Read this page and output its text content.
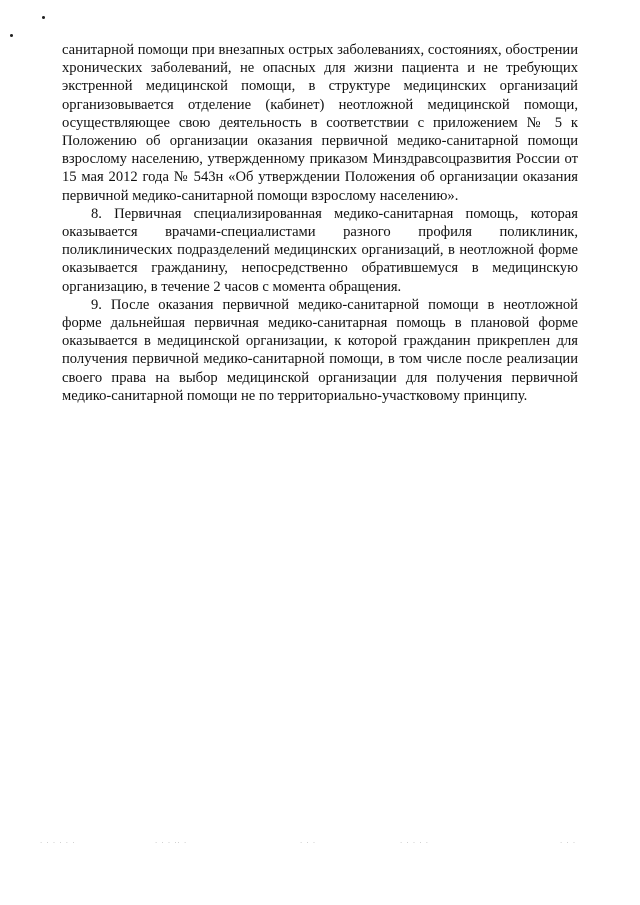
санитарной помощи при внезапных острых заболеваниях, состояниях, обострении хронических заболеваний, не опасных для жизни пациента и не требующих экстренной медицинской помощи, в структуре медицинских организаций организовывается отделение (кабинет) неотложной медицинской помощи, осуществляющее свою деятельность в соответствии с приложением № 5 к Положению об организации оказания первичной медико-санитарной помощи взрослому населению, утвержденному приказом Минздравсоцразвития России от 15 мая 2012 года № 543н «Об утверждении Положения об организации оказания первичной медико-санитарной помощи взрослому населению».

8. Первичная специализированная медико-санитарная помощь, которая оказывается врачами-специалистами разного профиля поликлиник, поликлинических подразделений медицинских организаций, в неотложной форме оказывается гражданину, непосредственно обратившемуся в медицинскую организацию, в течение 2 часов с момента обращения.

9. После оказания первичной медико-санитарной помощи в неотложной форме дальнейшая первичная медико-санитарная помощь в плановой форме оказывается в медицинской организации, к которой гражданин прикреплен для получения первичной медико-санитарной помощи, в том числе после реализации своего права на выбор медицинской организации для получения первичной медико-санитарной помощи не по территориально-участковому принципу.

. . . . . .	. . . .. .	. . .	. . . . .	. . .
